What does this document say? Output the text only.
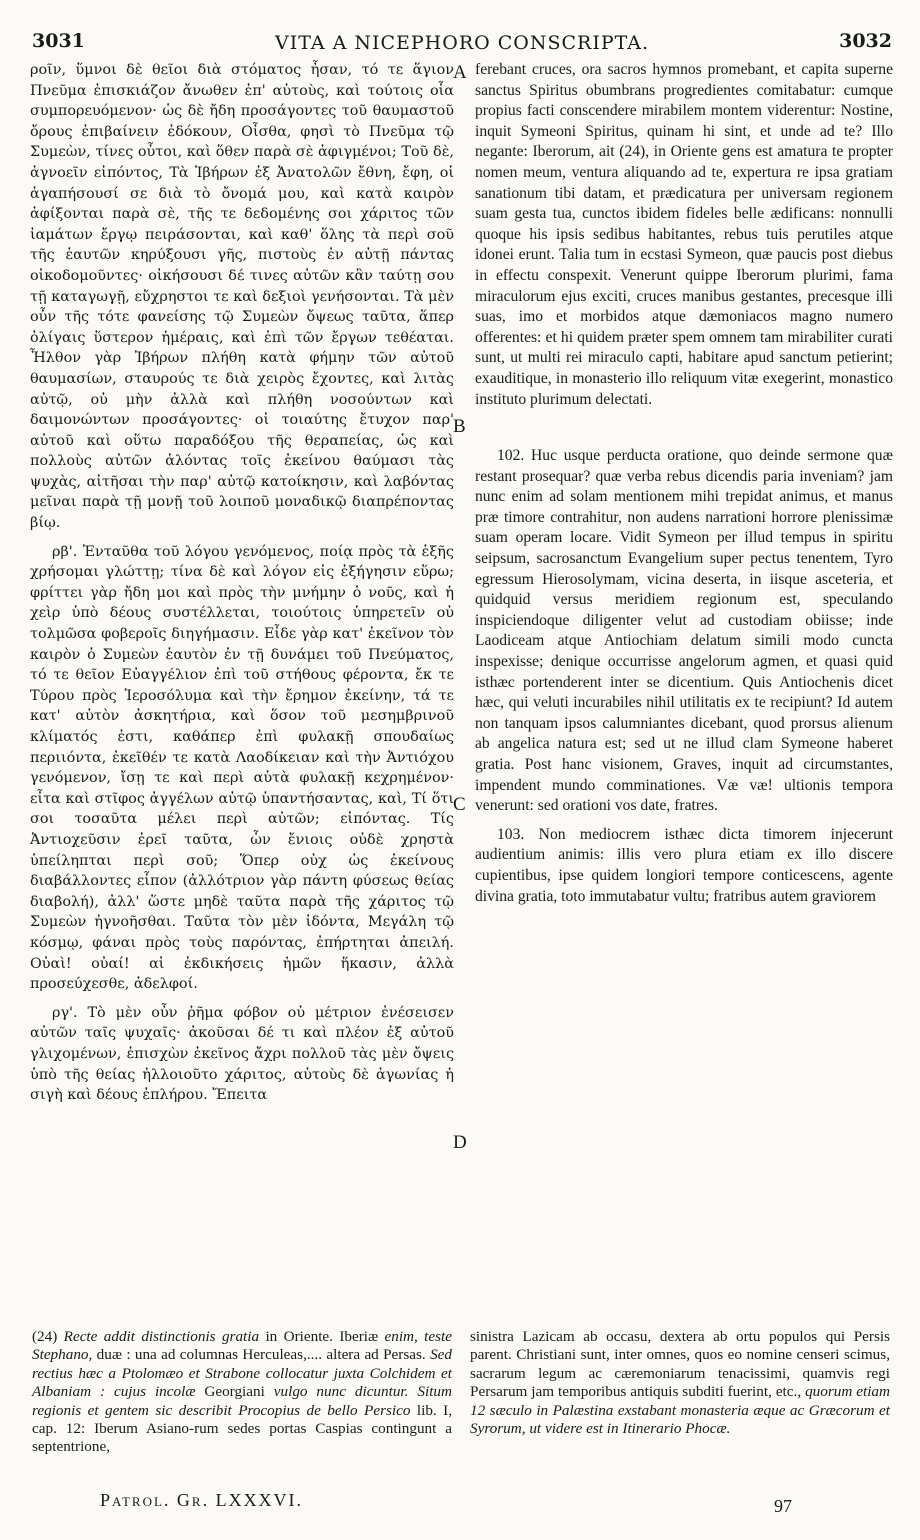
3031	VITA A NICEPHORO CONSCRIPTA.	3032

ροῖν, ὕμνοι δὲ θεῖοι διὰ στόματος ἦσαν, τό τε ἅγιον Πνεῦμα ἐπισκιάζον ἄνωθεν ἐπ' αὐτοὺς, καὶ τούτοις οἷα συμπορευόμενον· ὡς δὲ ἤδη προσάγοντες τοῦ θαυμαστοῦ ὄρους ἐπιβαίνειν ἐδόκουν, Οἶσθα, φησὶ τὸ Πνεῦμα τῷ Συμεὼν, τίνες οὗτοι, καὶ ὅθεν παρὰ σὲ ἀφιγμένοι; Τοῦ δὲ, ἀγνοεῖν εἰπόντος, Τὰ Ἰβήρων ἐξ Ἀνατολῶν ἔθνη, ἔφη, οἱ ἀγαπήσουσί σε διὰ τὸ ὄνομά μου, καὶ κατὰ καιρὸν ἀφίξονται παρὰ σὲ, τῆς τε δεδομένης σοι χάριτος τῶν ἰαμάτων ἔργῳ πειράσονται, καὶ καθ' ὅλης τὰ περὶ σοῦ τῆς ἑαυτῶν κηρύξουσι γῆς, πιστοὺς ἐν αὐτῇ πάντας οἰκοδομοῦντες· οἰκήσουσι δέ τινες αὐτῶν κἂν ταύτῃ σου τῇ καταγωγῇ, εὔχρηστοι τε καὶ δεξιοὶ γενήσονται. Τὰ μὲν οὖν τῆς τότε φανείσης τῷ Συμεὼν ὄψεως ταῦτα, ἅπερ ὀλίγαις ὕστερον ἡμέραις, καὶ ἐπὶ τῶν ἔργων τεθέαται. Ἦλθον γὰρ Ἰβήρων πλήθη κατὰ φήμην τῶν αὐτοῦ θαυμασίων, σταυρούς τε διὰ χειρὸς ἔχοντες, καὶ λιτὰς αὐτῷ, οὐ μὴν ἀλλὰ καὶ πλήθη νοσούντων καὶ δαιμονώντων προσάγοντες· οἱ τοιαύτης ἔτυχον παρ' αὐτοῦ καὶ οὕτω παραδόξου τῆς θεραπείας, ὡς καὶ πολλοὺς αὐτῶν ἁλόντας τοῖς ἐκείνου θαύμασι τὰς ψυχὰς, αἰτῆσαι τὴν παρ' αὐτῷ κατοίκησιν, καὶ λαβόντας μεῖναι παρὰ τῇ μονῇ τοῦ λοιποῦ μοναδικῷ διαπρέποντας βίῳ.

ρβ'. Ἐνταῦθα τοῦ λόγου γενόμενος, ποίᾳ πρὸς τὰ ἑξῆς χρήσομαι γλώττῃ; τίνα δὲ καὶ λόγον εἰς ἐξήγησιν εὕρω; φρίττει γὰρ ἤδη μοι καὶ πρὸς τὴν μνήμην ὁ νοῦς, καὶ ἡ χεὶρ ὑπὸ δέους συστέλλεται, τοιούτοις ὑπηρετεῖν οὐ τολμῶσα φοβεροῖς διηγήμασιν. Εἶδε γὰρ κατ' ἐκεῖνον τὸν καιρὸν ὁ Συμεὼν ἑαυτὸν ἐν τῇ δυνάμει τοῦ Πνεύματος, τό τε θεῖον Εὐαγγέλιον ἐπὶ τοῦ στήθους φέροντα, ἔκ τε Τύρου πρὸς Ἱεροσόλυμα καὶ τὴν ἔρημον ἐκείνην, τά τε κατ' αὐτὸν ἀσκητήρια, καὶ ὅσον τοῦ μεσημβρινοῦ κλίματός ἐστι, καθάπερ ἐπὶ φυλακῇ σπουδαίως περιιόντα, ἐκεῖθέν τε κατὰ Λαοδίκειαν καὶ τὴν Ἀντιόχου γενόμενον, ἴσῃ τε καὶ περὶ αὐτὰ φυλακῇ κεχρημένον· εἶτα καὶ στῖφος ἀγγέλων αὐτῷ ὑπαντήσαντας, καὶ, Τί ὅτι σοι τοσαῦτα μέλει περὶ αὐτῶν; εἰπόντας. Τίς Ἀντιοχεῦσιν ἐρεῖ ταῦτα, ὧν ἔνιοις οὐδὲ χρηστὰ ὑπείληπται περὶ σοῦ; Ὅπερ οὐχ ὡς ἐκείνους διαβάλλοντες εἶπον (ἀλλότριον γὰρ πάντη φύσεως θείας διαβολή), ἀλλ' ὥστε μηδὲ ταῦτα παρὰ τῆς χάριτος τῷ Συμεὼν ἠγνοῆσθαι. Ταῦτα τὸν μὲν ἰδόντα, Μεγάλη τῷ κόσμῳ, φάναι πρὸς τοὺς παρόντας, ἐπήρτηται ἀπειλή. Οὐαὶ! οὐαί! αἱ ἐκδικήσεις ἡμῶν ἥκασιν, ἀλλὰ προσεύχεσθε, ἀδελφοί.

ργ'. Τὸ μὲν οὖν ῥῆμα φόβον οὐ μέτριον ἐνέσεισεν αὐτῶν ταῖς ψυχαῖς· ἀκοῦσαι δέ τι καὶ πλέον ἐξ αὐτοῦ γλιχομένων, ἐπισχὼν ἐκεῖνος ἄχρι πολλοῦ τὰς μὲν ὄψεις ὑπὸ τῆς θείας ἠλλοιοῦτο χάριτος, αὐτοὺς δὲ ἀγωνίας ἡ σιγὴ καὶ δέους ἐπλήρου. Ἔπειτα

A
B
C
D

ferebant cruces, ora sacros hymnos promebant, et capita superne sanctus Spiritus obumbrans progredientes comitabatur: cumque propius facti conscendere mirabilem montem viderentur: Nostine, inquit Symeoni Spiritus, quinam hi sint, et unde ad te? Illo negante: Iberorum, ait (24), in Oriente gens est amatura te propter nomen meum, ventura aliquando ad te, expertura re ipsa gratiam sanationum tibi datam, et prædicatura per universam regionem suam gesta tua, cunctos ibidem fideles belle ædificans: nonnulli quoque his ipsis sedibus habitantes, rebus tuis perutiles atque idonei erunt. Talia tum in ecstasi Symeon, quæ paucis post diebus in effectu conspexit. Venerunt quippe Iberorum plurimi, fama miraculorum ejus exciti, cruces manibus gestantes, precesque illi suas, imo et morbidos atque dæmoniacos magno numero offerentes: et hi quidem præter spem omnem tam mirabiliter curati sunt, ut multi rei miraculo capti, habitare apud sanctum petierint; exauditique, in monasterio illo reliquum vitæ exegerint, monastico instituto plurimum delectati.

102. Huc usque perducta oratione, quo deinde sermone quæ restant prosequar? quæ verba rebus dicendis paria inveniam? jam nunc enim ad solam mentionem mihi trepidat animus, et manus præ timore contrahitur, non audens narrationi horrore plenissimæ suam operam locare. Vidit Symeon per illud tempus in spiritu seipsum, sacrosanctum Evangelium super pectus tenentem, Tyro egressum Hierosolymam, vicina deserta, in iisque asceteria, et quidquid versus meridiem regionum est, speculando inspiciendoque diligenter velut ad custodiam obiisse; inde Laodiceam atque Antiochiam delatum simili modo cuncta inspexisse; denique occurrisse angelorum agmen, et quasi quid isthæc portenderent inter se dicentium. Quis Antiochenis dicet hæc, qui veluti incurabiles nihil utilitatis ex te recipiunt? Id autem non tanquam ipsos calumniantes dicebant, quod prorsus alienum ab angelica natura est; sed ut ne illud clam Symeone haberet gratia. Post hanc visionem, Graves, inquit ad circumstantes, impendent mundo comminationes. Væ væ! ultionis tempora venerunt: sed orationi vos date, fratres.

103. Non mediocrem isthæc dicta timorem injecerunt audientium animis: illis vero plura etiam ex illo discere cupientibus, ipse quidem longiori tempore conticescens, agente divina gratia, toto immutabatur vultu; fratribus autem graviorem

(24) Recte addit distinctionis gratia in Oriente. Iberiæ enim, teste Stephano, duæ : una ad columnas Herculeas,.... altera ad Persas. Sed rectius hæc a Ptolomæo et Strabone collocatur juxta Colchidem et Albaniam : cujus incolæ Georgiani vulgo nunc dicuntur. Situm regionis et gentem sic describit Procopius de bello Persico lib. I, cap. 12: Iberum Asiano-rum sedes portas Caspias contingunt a septentrione,
sinistra Lazicam ab occasu, dextera ab ortu populos qui Persis parent. Christiani sunt, inter omnes, quos eo nomine censeri scimus, sacrarum legum ac cæremoniarum tenacissimi, quamvis regi Persarum jam temporibus antiquis subditi fuerint, etc., quorum etiam 12 sæculo in Palæstina exstabant monasteria æque ac Græcorum et Syrorum, ut videre est in Itinerario Phocæ.
Patrol. Gr. LXXXVI.	97
